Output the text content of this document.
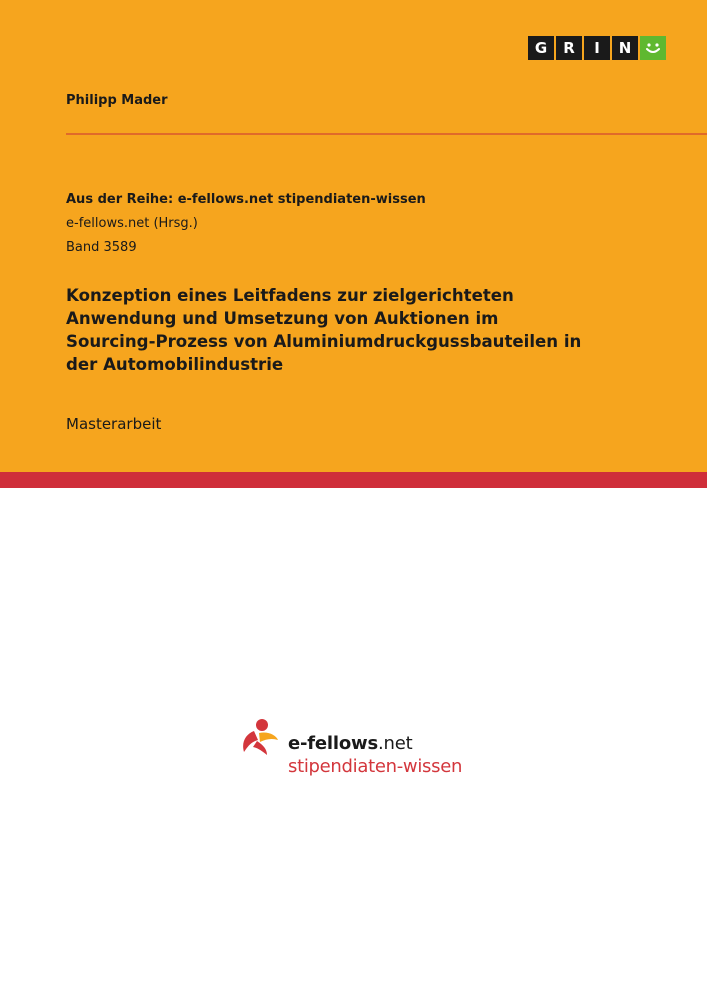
G	R	I	N
Philipp Mader
Aus der Reihe: e-fellows.net stipendiaten-wissen
e-fellows.net (Hrsg.)
Band 3589
Konzeption eines Leitfadens zur zielgerichteten
Anwendung und Umsetzung von Auktionen im
Sourcing-Prozess von Aluminiumdruckgussbauteilen in
der Automobilindustrie
Masterarbeit
e-fellows.net
stipendiaten-wissen
